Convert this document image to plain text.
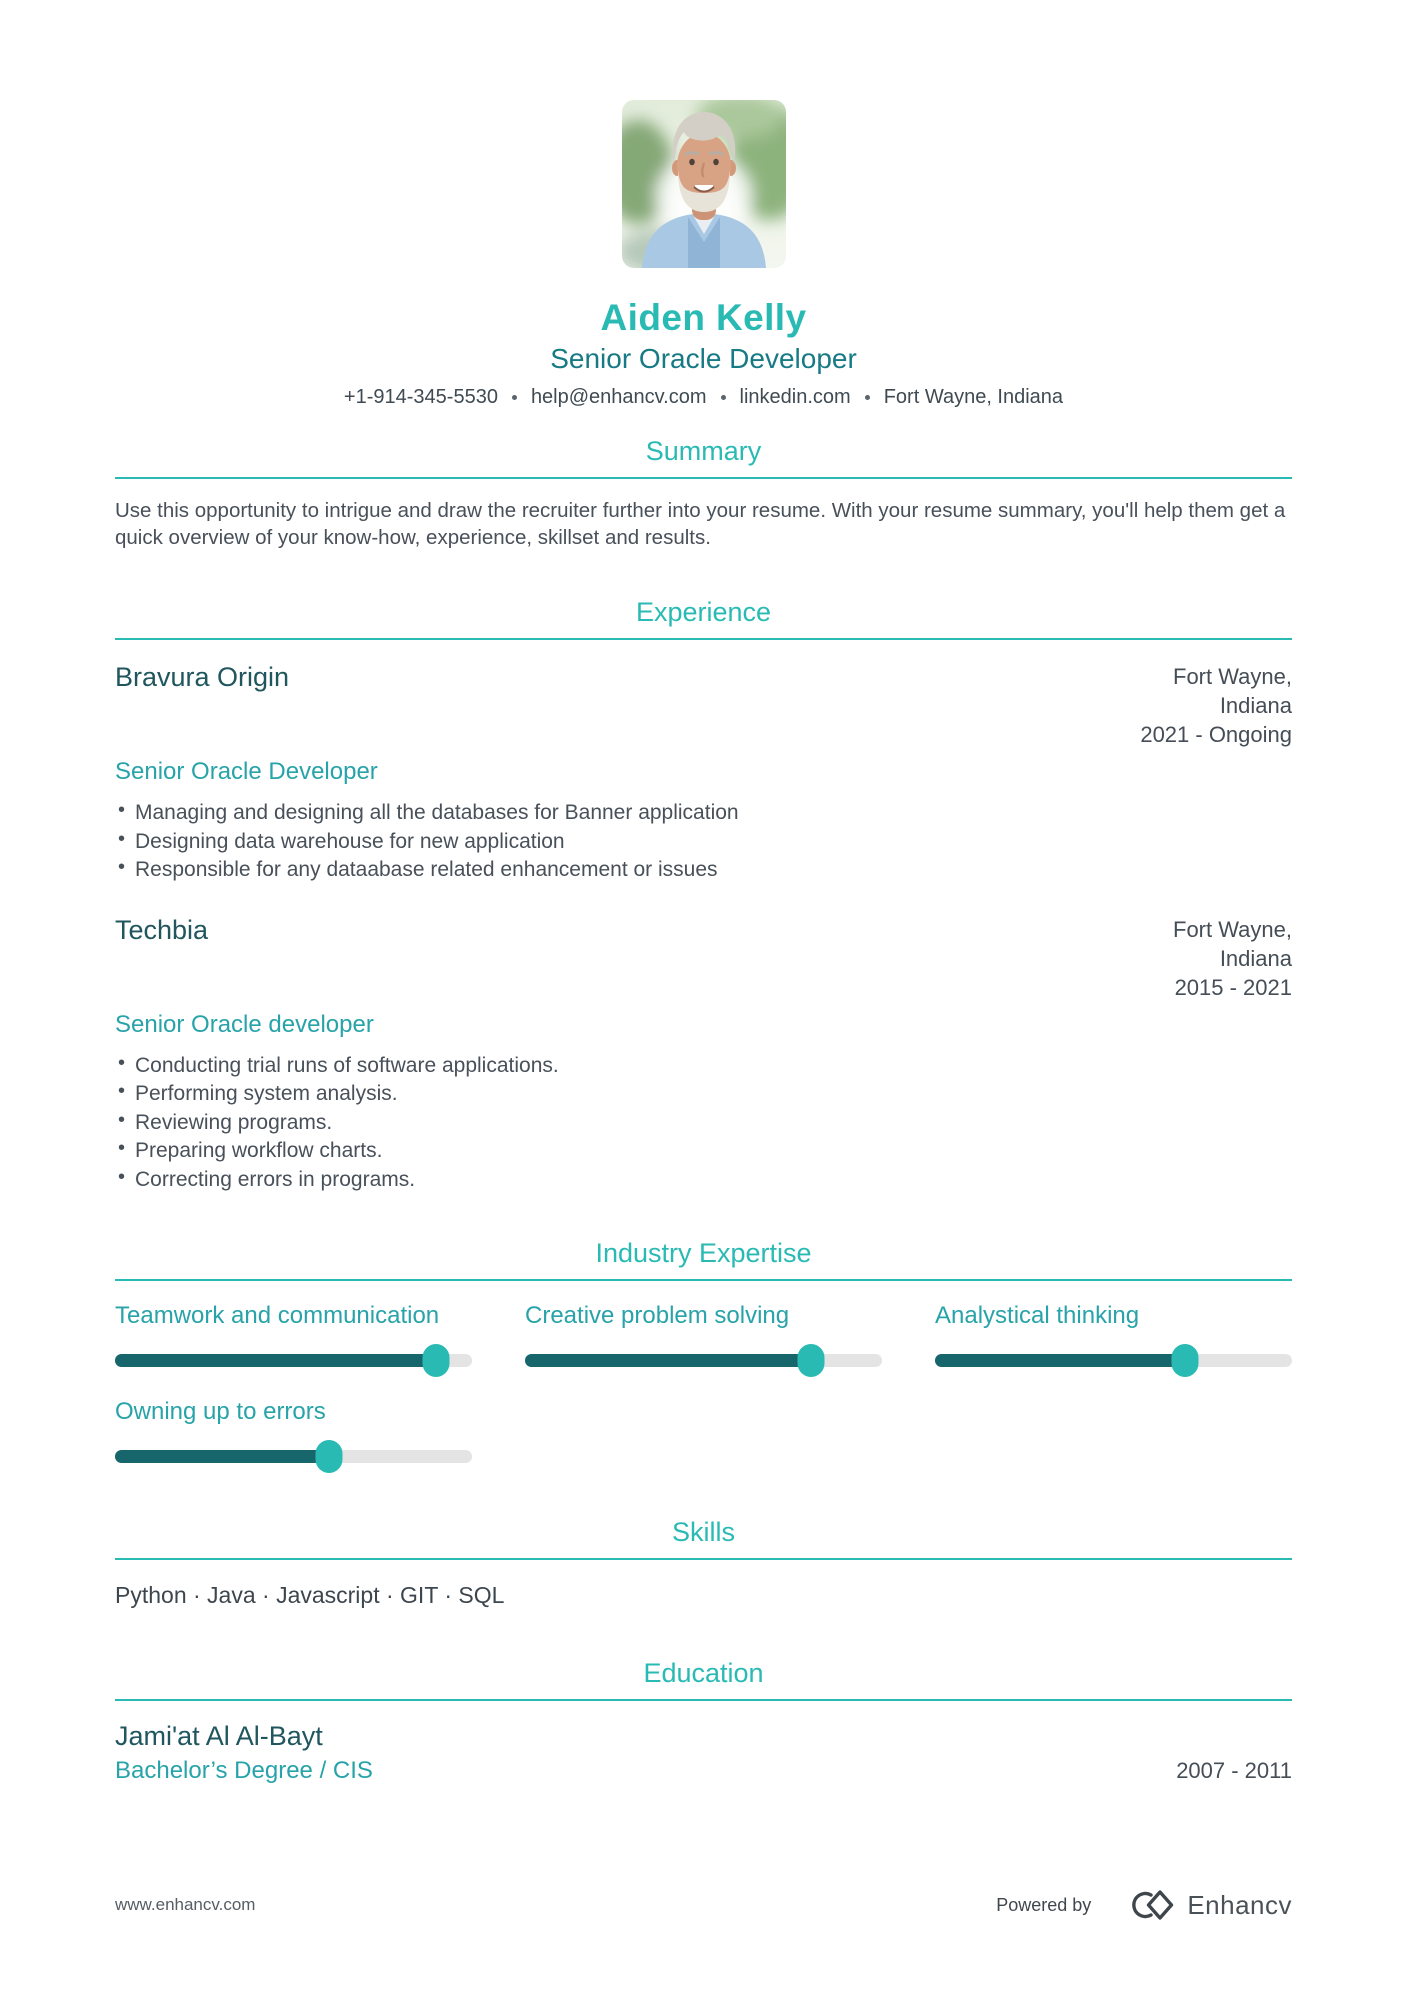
Aiden Kelly
Senior Oracle Developer
+1-914-345-5530 help@enhancv.com linkedin.com Fort Wayne, Indiana
Summary

Use this opportunity to intrigue and draw the recruiter further into your resume. With your resume summary, you'll help them get a quick overview of your know-how, experience, skillset and results.

Experience
Bravura Origin	Fort Wayne, Indiana
2021 - Ongoing
Senior Oracle Developer
• Managing and designing all the databases for Banner application
• Designing data warehouse for new application
• Responsible for any dataabase related enhancement or issues
Techbia	Fort Wayne, Indiana
2015 - 2021
Senior Oracle developer
• Conducting trial runs of software applications.
• Performing system analysis.
• Reviewing programs.
• Preparing workflow charts.
• Correcting errors in programs.
Industry Expertise
Teamwork and communication	Creative problem solving	Analystical thinking
Owning up to errors
Skills
Python · Java · Javascript · GIT · SQL
Education
Jami'at Al Al-Bayt
Bachelor’s Degree / CIS	2007 - 2011
www.enhancv.com	Powered by	Enhancv
